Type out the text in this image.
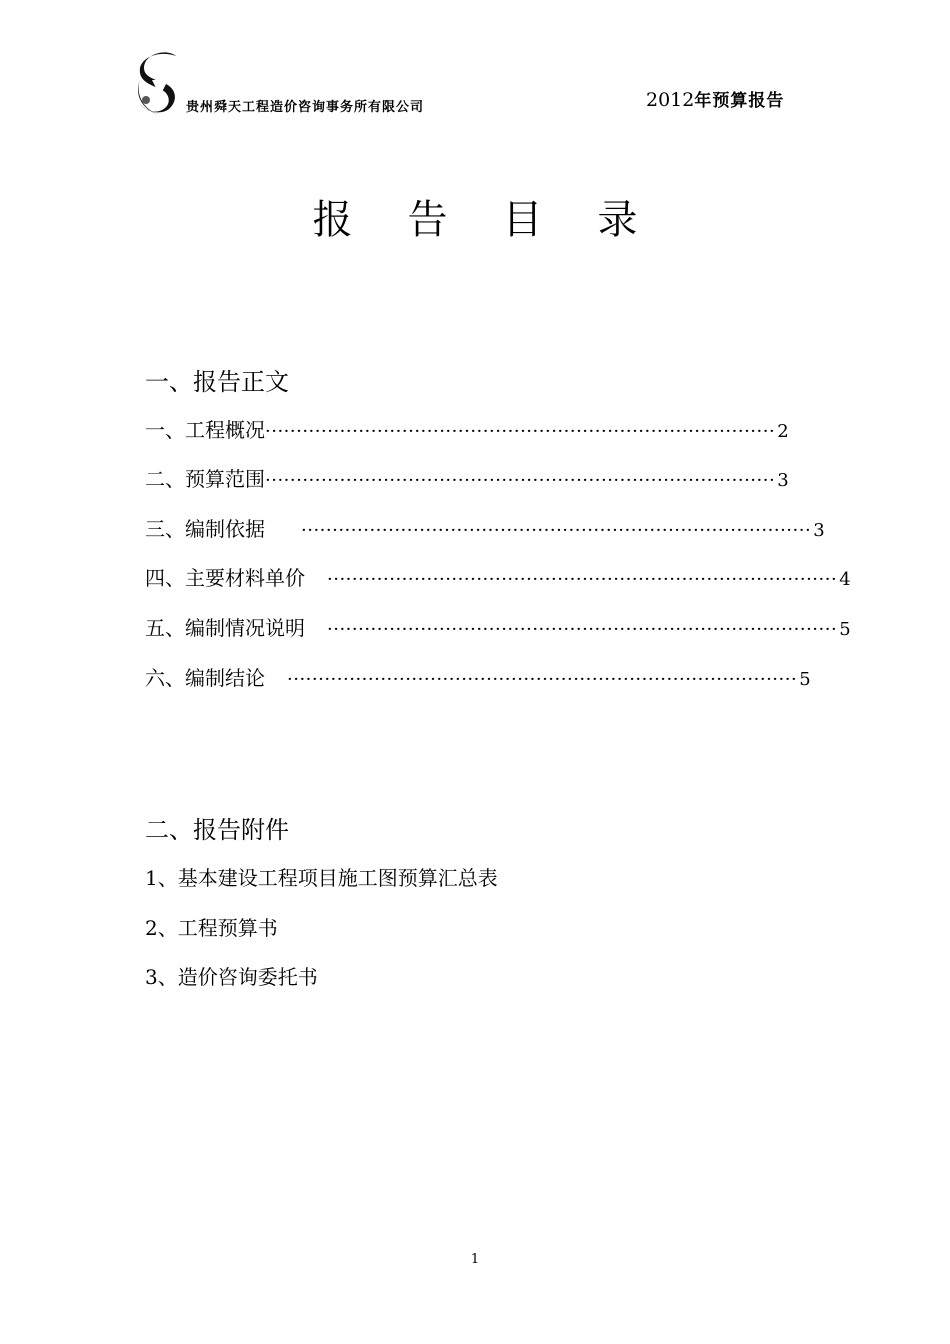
贵州舜天工程造价咨询事务所有限公司	2012年预算报告
报告目录
一、报告正文
一、工程概况 ·················································································· 2
二、预算范围 ·················································································· 3
三、编制依据 ·················································································· 3
四、主要材料单价 ·················································································· 4
五、编制情况说明 ·················································································· 5
六、编制结论 ·················································································· 5
二、报告附件
1、基本建设工程项目施工图预算汇总表
2、工程预算书
3、造价咨询委托书
1
